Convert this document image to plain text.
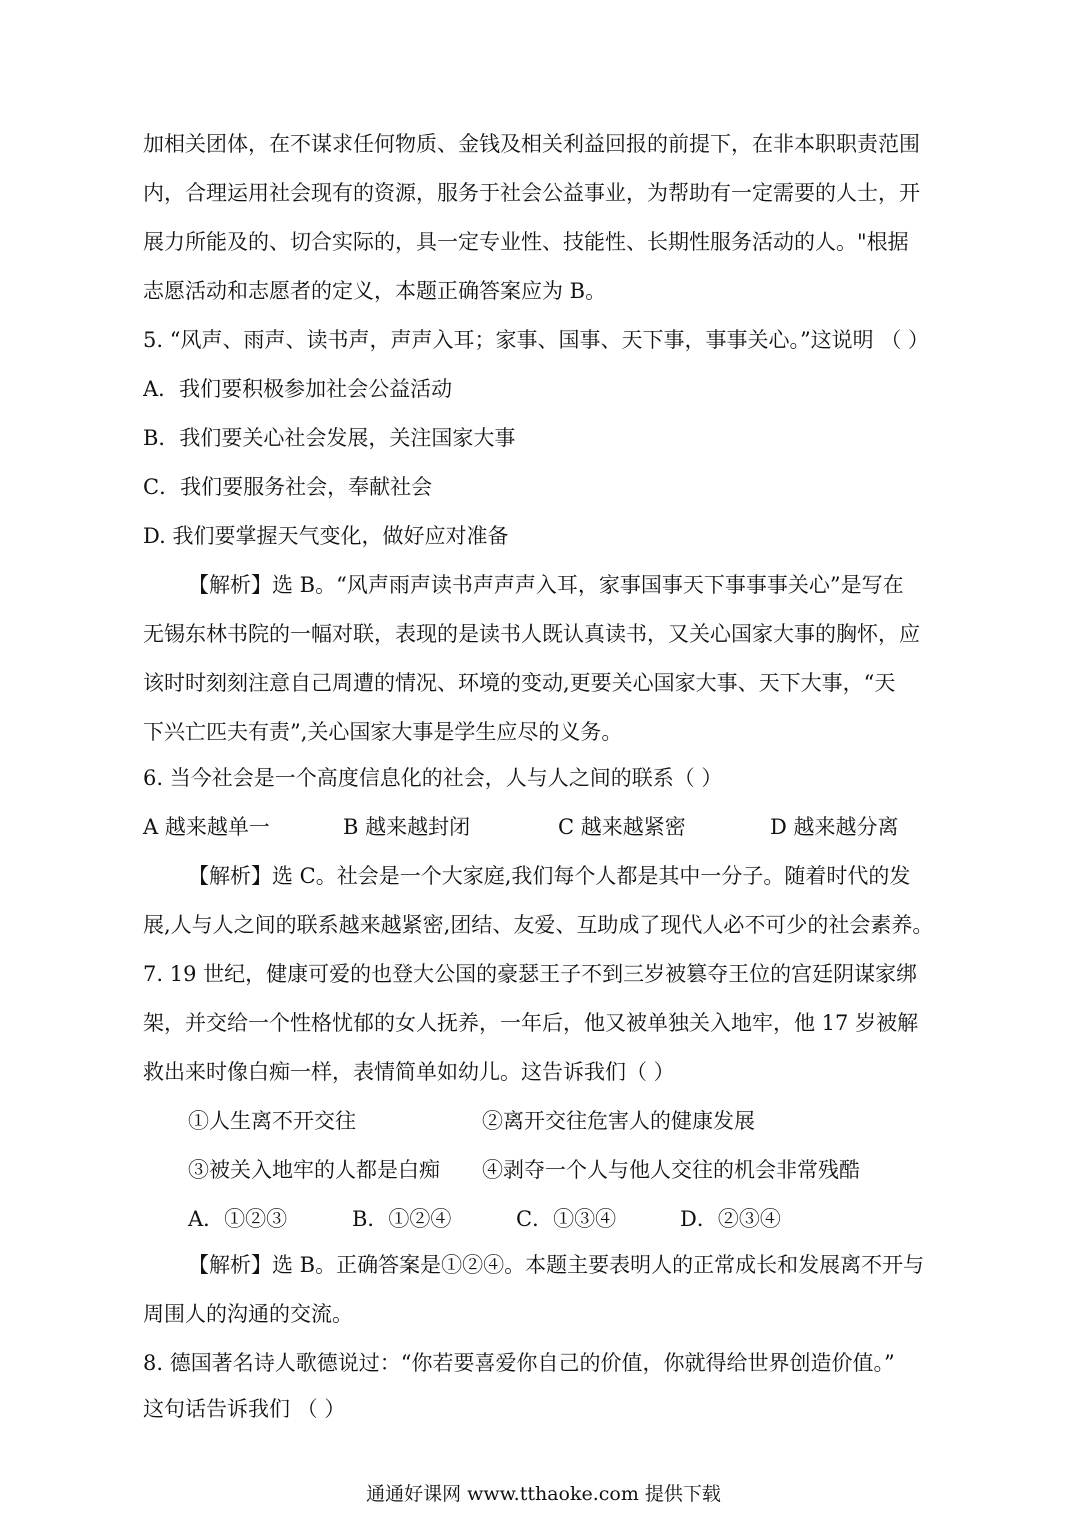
加相关团体，在不谋求任何物质、金钱及相关利益回报的前提下，在非本职职责范围
内，合理运用社会现有的资源，服务于社会公益事业，为帮助有一定需要的人士，开
展力所能及的、切合实际的，具一定专业性、技能性、长期性服务活动的人。"根据
志愿活动和志愿者的定义，本题正确答案应为 B。
5. “风声、雨声、读书声，声声入耳；家事、国事、天下事，事事关心。”这说明 （ ）
A．我们要积极参加社会公益活动
B．我们要关心社会发展，关注国家大事
C．我们要服务社会，奉献社会
D. 我们要掌握天气变化，做好应对准备
【解析】选 B。“风声雨声读书声声声入耳，家事国事天下事事事关心”是写在
无锡东林书院的一幅对联，表现的是读书人既认真读书，又关心国家大事的胸怀，应
该时时刻刻注意自己周遭的情况、环境的变动,更要关心国家大事、天下大事，“天
下兴亡匹夫有责”,关心国家大事是学生应尽的义务。
6. 当今社会是一个高度信息化的社会，人与人之间的联系（ ）
A 越来越单一	B 越来越封闭	C 越来越紧密	D 越来越分离
【解析】选 C。社会是一个大家庭,我们每个人都是其中一分子。随着时代的发
展,人与人之间的联系越来越紧密,团结、友爱、互助成了现代人必不可少的社会素养。
7. 19 世纪，健康可爱的也登大公国的豪瑟王子不到三岁被篡夺王位的宫廷阴谋家绑
架，并交给一个性格忧郁的女人抚养，一年后，他又被单独关入地牢，他 17 岁被解
救出来时像白痴一样，表情简单如幼儿。这告诉我们（ ）
①人生离不开交往	②离开交往危害人的健康发展
③被关入地牢的人都是白痴 ④剥夺一个人与他人交往的机会非常残酷
A．①②③	B．①②④	C．①③④	D．②③④
【解析】选 B。正确答案是①②④。本题主要表明人的正常成长和发展离不开与
周围人的沟通的交流。
8. 德国著名诗人歌德说过：“你若要喜爱你自己的价值，你就得给世界创造价值。”
这句话告诉我们 （ ）
通通好课网 www.tthaoke.com 提供下载
